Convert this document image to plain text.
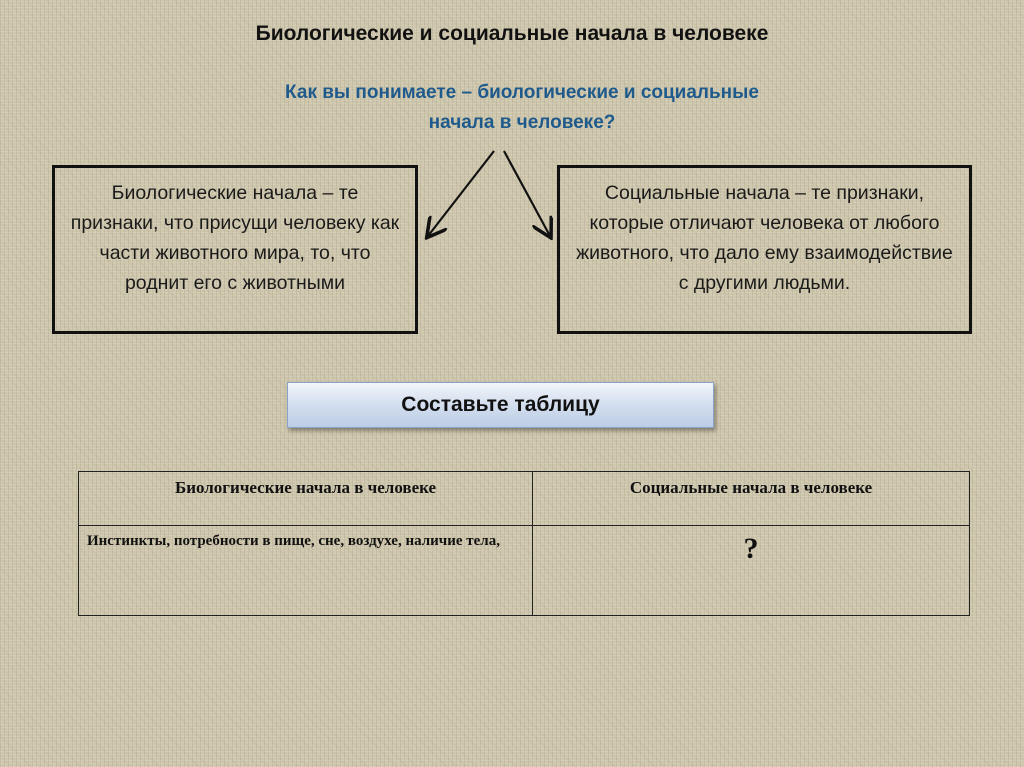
Биологические и социальные начала в человеке
Как вы понимаете – биологические и социальные начала в человеке?
Биологические начала – те признаки, что присущи человеку как части животного мира, то, что роднит его с животными
Социальные начала – те признаки, которые отличают человека от любого животного, что дало ему взаимодействие с другими людьми.
Составьте таблицу
Биологические начала в человеке	Социальные начала в человеке
Инстинкты, потребности в пище, сне, воздухе, наличие тела,	?
